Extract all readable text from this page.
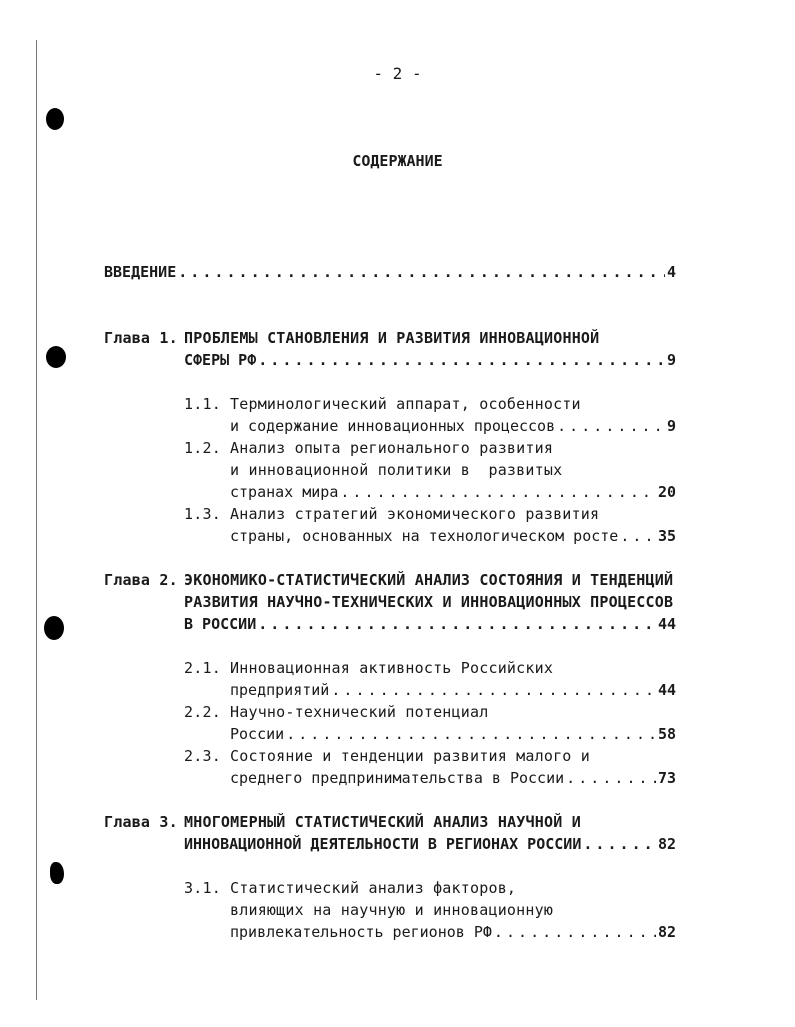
- 2 -
СОДЕРЖАНИЕ
ВВЕДЕНИЕ . . .	4
Глава 1. ПРОБЛЕМЫ СТАНОВЛЕНИЯ И РАЗВИТИЯ ИННОВАЦИОННОЙ
СФЕРЫ РФ . . .	9
1.1. Терминологический аппарат, особенности
и содержание инновационных процессов . . .	9
1.2. Анализ опыта регионального развития
и инновационной политики в  развитых
странах мира . . .	20
1.3. Анализ стратегий экономического развития
страны, основанных на технологическом росте . . .	35
Глава 2. ЭКОНОМИКО-СТАТИСТИЧЕСКИЙ АНАЛИЗ СОСТОЯНИЯ И ТЕНДЕНЦИЙ
РАЗВИТИЯ НАУЧНО-ТЕХНИЧЕСКИХ И ИННОВАЦИОННЫХ ПРОЦЕССОВ
В РОССИИ . . .	44
2.1. Инновационная активность Российских
предприятий . . .	44
2.2. Научно-технический потенциал
России . . .	58
2.3. Состояние и тенденции развития малого и
среднего предпринимательства в России . . .	73
Глава 3. МНОГОМЕРНЫЙ СТАТИСТИЧЕСКИЙ АНАЛИЗ НАУЧНОЙ И
ИННОВАЦИОННОЙ ДЕЯТЕЛЬНОСТИ В РЕГИОНАХ РОССИИ . . .	82
3.1. Статистический анализ факторов,
влияющих на научную и инновационную
привлекательность регионов РФ . . .	82
